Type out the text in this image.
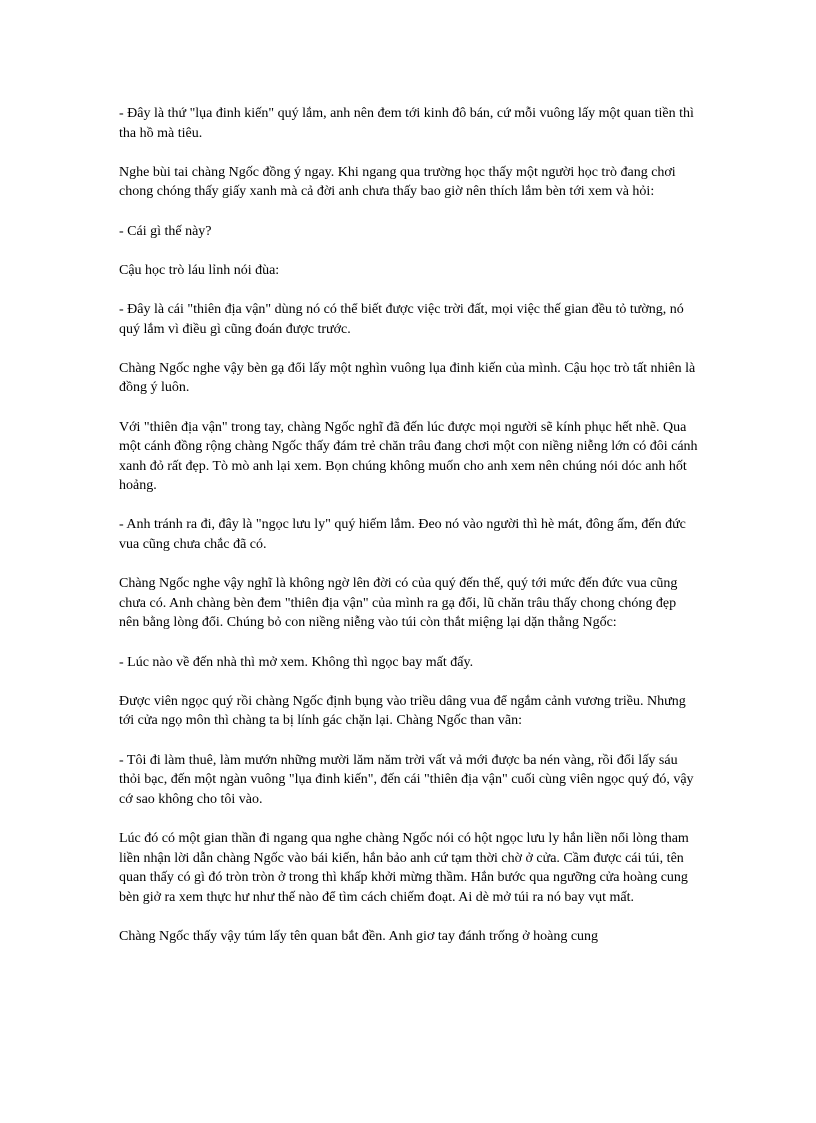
- Đây là thứ "lụa đinh kiến" quý lắm, anh nên đem tới kinh đô bán, cứ mỗi vuông lấy một quan tiền thì tha hồ mà tiêu.

Nghe bùi tai chàng Ngốc đồng ý ngay. Khi ngang qua trường học thấy một người học trò đang chơi chong chóng thấy giấy xanh mà cả đời anh chưa thấy bao giờ nên thích lắm bèn tới xem và hỏi:

- Cái gì thế này?

Cậu học trò láu lỉnh nói đùa:

- Đây là cái "thiên địa vận" dùng nó có thể biết được việc trời đất, mọi việc thế gian đều tỏ tường, nó quý lắm vì điều gì cũng đoán được trước.

Chàng Ngốc nghe vậy bèn gạ đổi lấy một nghìn vuông lụa đinh kiến của mình. Cậu học trò tất nhiên là đồng ý luôn.

Với "thiên địa vận" trong tay, chàng Ngốc nghĩ đã đến lúc được mọi người sẽ kính phục hết nhẽ. Qua một cánh đồng rộng chàng Ngốc thấy đám trẻ chăn trâu đang chơi một con niềng niễng lớn có đôi cánh xanh đỏ rất đẹp. Tò mò anh lại xem. Bọn chúng không muốn cho anh xem nên chúng nói dóc anh hốt hoảng.

- Anh tránh ra đi, đây là "ngọc lưu ly" quý hiếm lắm. Đeo nó vào người thì hè mát, đông ấm, đến đức vua cũng chưa chắc đã có.

Chàng Ngốc nghe vậy nghĩ là không ngờ lên đời có của quý đến thế, quý tới mức đến đức vua cũng chưa có. Anh chàng bèn đem "thiên địa vận" của mình ra gạ đổi, lũ chăn trâu thấy chong chóng đẹp nên bằng lòng đổi. Chúng bỏ con niềng niễng vào túi còn thắt miệng lại dặn thằng Ngốc:

- Lúc nào về đến nhà thì mở xem. Không thì ngọc bay mất đấy.

Được viên ngọc quý rồi chàng Ngốc định bụng vào triều dâng vua để ngắm cảnh vương triều. Nhưng tới cửa ngọ môn thì chàng ta bị lính gác chặn lại. Chàng Ngốc than vãn:

- Tôi đi làm thuê, làm mướn những mười lăm năm trời vất vả mới được ba nén vàng, rồi đổi lấy sáu thỏi bạc, đến một ngàn vuông "lụa đinh kiến", đến cái "thiên địa vận" cuối cùng viên ngọc quý đó, vậy cớ sao không cho tôi vào.

Lúc đó có một gian thần đi ngang qua nghe chàng Ngốc nói có hột ngọc lưu ly hắn liền nổi lòng tham liền nhận lời dẫn chàng Ngốc vào bái kiến, hắn bảo anh cứ tạm thời chờ ở cửa. Cầm được cái túi, tên quan thấy có gì đó tròn tròn ở trong thì khấp khởi mừng thầm. Hắn bước qua ngưỡng cửa hoàng cung bèn giở ra xem thực hư như thế nào để tìm cách chiếm đoạt. Ai dè mở túi ra nó bay vụt mất.

Chàng Ngốc thấy vậy túm lấy tên quan bắt đền. Anh giơ tay đánh trống ở hoàng cung
